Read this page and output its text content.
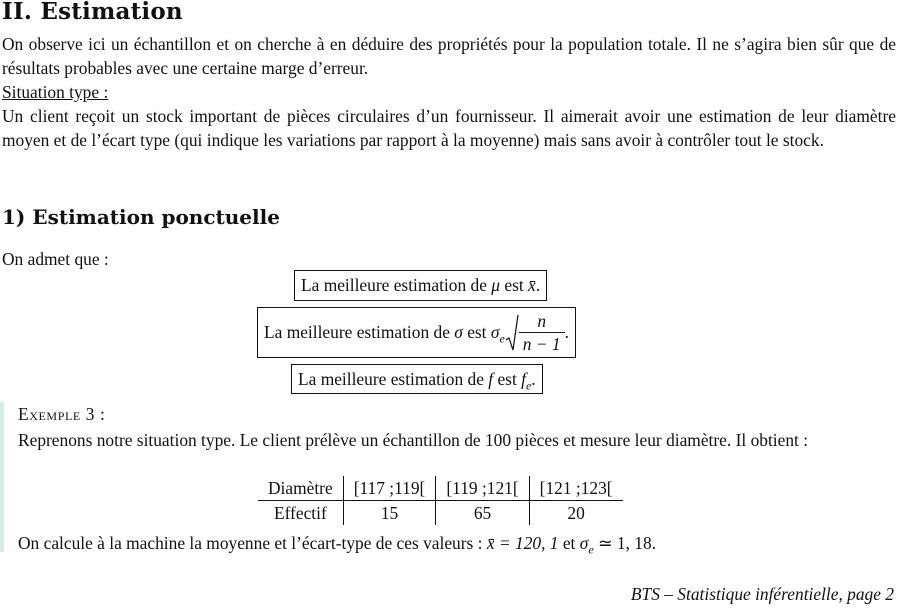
II. Estimation

On observe ici un échantillon et on cherche à en déduire des propriétés pour la population totale. Il ne s’agira bien sûr que de résultats probables avec une certaine marge d’erreur.

Situation type :

Un client reçoit un stock important de pièces circulaires d’un fournisseur. Il aimerait avoir une estimation de leur diamètre moyen et de l’écart type (qui indique les variations par rapport à la moyenne) mais sans avoir à contrôler tout le stock.

1) Estimation ponctuelle
On admet que :
La meilleure estimation de μ est x̄.
La meilleure estimation de σ est $\sigma_e$
n
n − 1
.
La meilleure estimation de f est $f_e$.
Exemple 3 :

Reprenons notre situation type. Le client prélève un échantillon de 100 pièces et mesure leur diamètre. Il obtient :

On calcule à la machine la moyenne et l’écart-type de ces valeurs : x̄ = 120, 1 et $\sigma_e$ ≃ 1, 18.

Diamètre	[117 ;119[	[119 ;121[	[121 ;123[
Effectif	15	65	20
BTS – Statistique inférentielle, page 2
